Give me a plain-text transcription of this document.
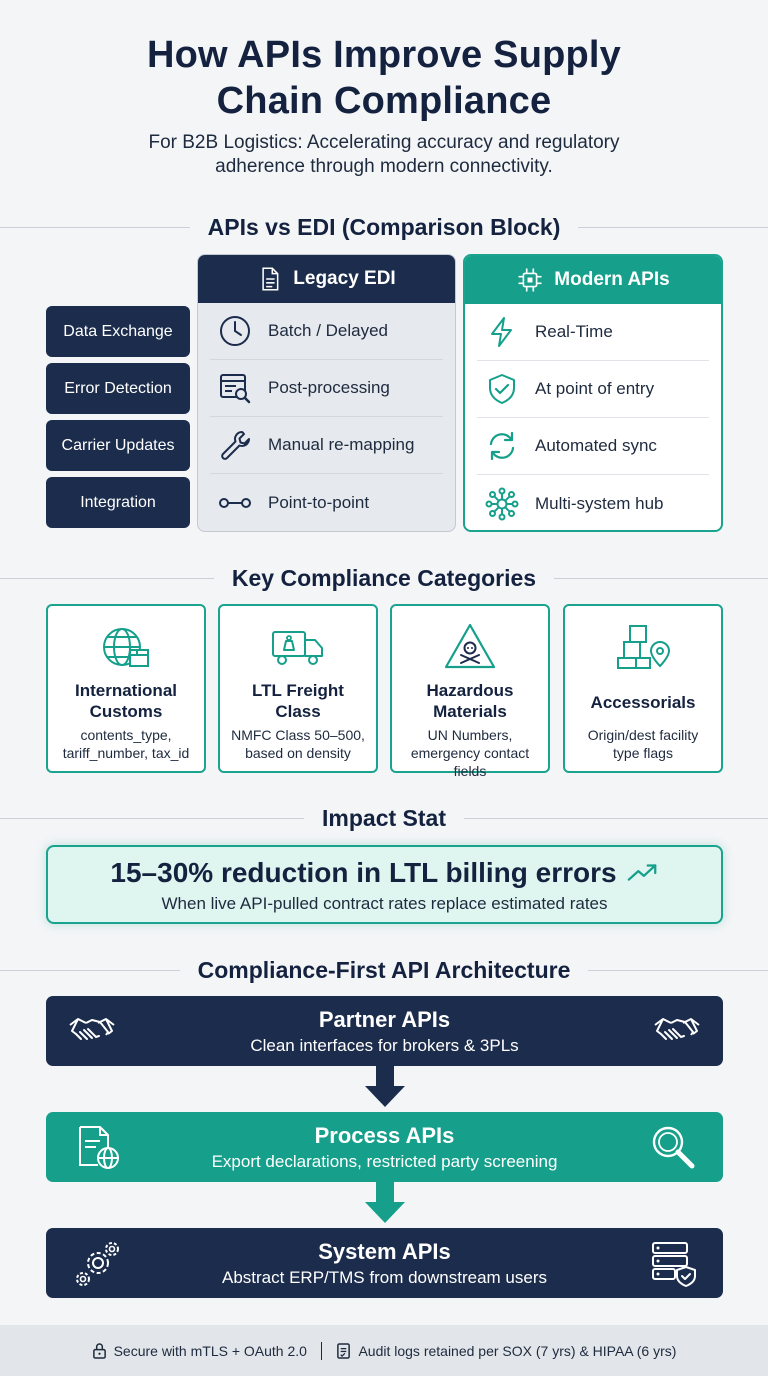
How APIs Improve Supply
Chain Compliance
For B2B Logistics: Accelerating accuracy and regulatory
adherence through modern connectivity.
APIs vs EDI (Comparison Block)
Data Exchange
Error Detection
Carrier Updates
Integration
Legacy EDI
Batch / Delayed
Post-processing
Manual re-mapping
Point-to-point
Modern APIs
Real-Time
At point of entry
Automated sync
Multi-system hub
Key Compliance Categories
International
Customs
contents_type,
tariff_number, tax_id
LTL Freight
Class
NMFC Class 50–500,
based on density
Hazardous
Materials
UN Numbers,
emergency contact
fields
Accessorials
Origin/dest facility
type flags
Impact Stat
15–30% reduction in LTL billing errors
When live API-pulled contract rates replace estimated rates
Compliance-First API Architecture
Partner APIs
Clean interfaces for brokers & 3PLs
Process APIs
Export declarations, restricted party screening
System APIs
Abstract ERP/TMS from downstream users
Secure with mTLS + OAuth 2.0	Audit logs retained per SOX (7 yrs) & HIPAA (6 yrs)
